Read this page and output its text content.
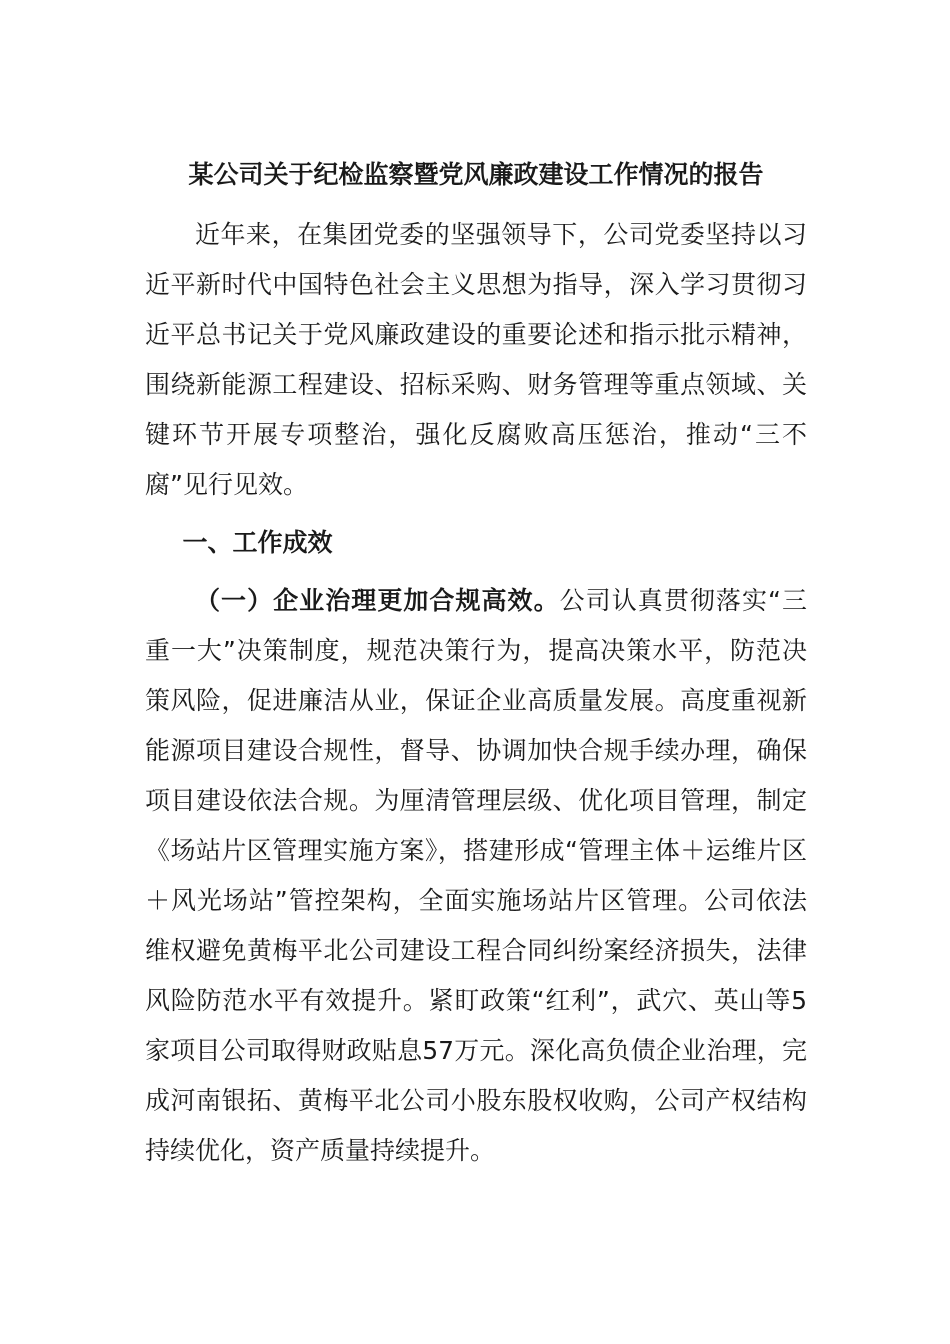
某公司关于纪检监察暨党风廉政建设工作情况的报告

近年来，在集团党委的坚强领导下，公司党委坚持以习近平新时代中国特色社会主义思想为指导，深入学习贯彻习近平总书记关于党风廉政建设的重要论述和指示批示精神，围绕新能源工程建设、招标采购、财务管理等重点领域、关键环节开展专项整治，强化反腐败高压惩治，推动“三不腐”见行见效。

一、工作成效

（一）企业治理更加合规高效。公司认真贯彻落实“三重一大”决策制度，规范决策行为，提高决策水平，防范决策风险，促进廉洁从业，保证企业高质量发展。高度重视新能源项目建设合规性，督导、协调加快合规手续办理，确保项目建设依法合规。为厘清管理层级、优化项目管理，制定《场站片区管理实施方案》，搭建形成“管理主体＋运维片区＋风光场站”管控架构，全面实施场站片区管理。公司依法维权避免黄梅平北公司建设工程合同纠纷案经济损失，法律风险防范水平有效提升。紧盯政策“红利”，武穴、英山等5家项目公司取得财政贴息57万元。深化高负债企业治理，完成河南银拓、黄梅平北公司小股东股权收购，公司产权结构持续优化，资产质量持续提升。
